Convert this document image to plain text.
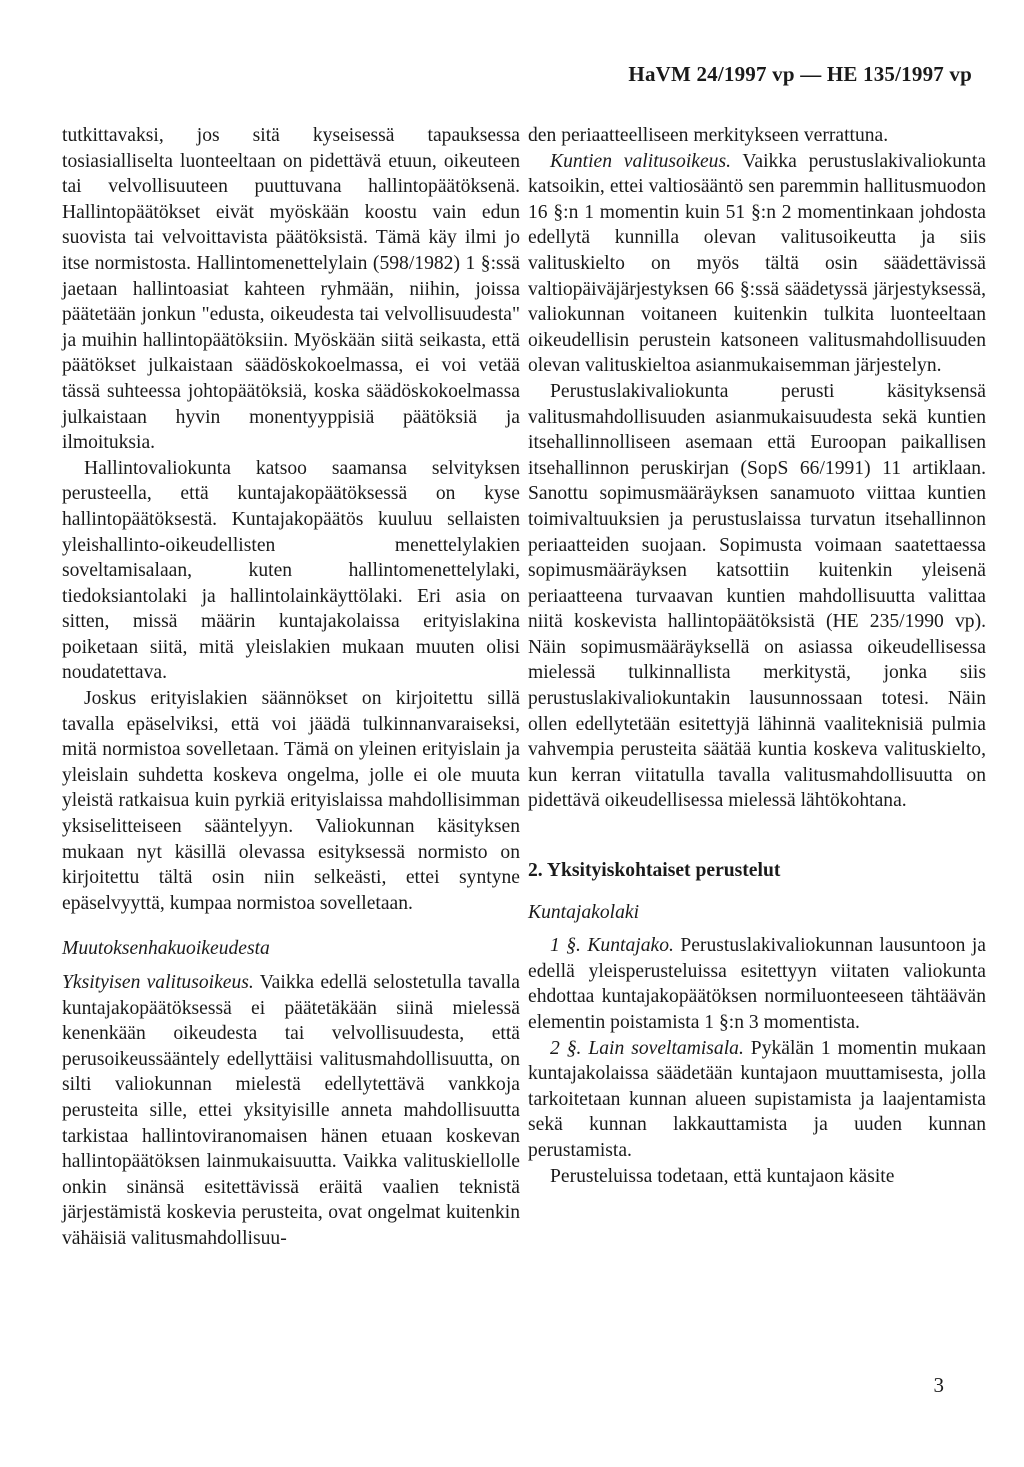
HaVM 24/1997 vp — HE 135/1997 vp

tutkittavaksi, jos sitä kyseisessä tapauksessa tosiasialliselta luonteeltaan on pidettävä etuun, oikeuteen tai velvollisuuteen puuttuvana hallintopäätöksenä. Hallintopäätökset eivät myöskään koostu vain edun suovista tai velvoittavista päätöksistä. Tämä käy ilmi jo itse normistosta. Hallintomenettelylain (598/1982) 1 §:ssä jaetaan hallintoasiat kahteen ryhmään, niihin, joissa päätetään jonkun "edusta, oikeudesta tai velvollisuudesta" ja muihin hallintopäätöksiin. Myöskään siitä seikasta, että päätökset julkaistaan säädöskokoelmassa, ei voi vetää tässä suhteessa johtopäätöksiä, koska säädöskokoelmassa julkaistaan hyvin monentyyppisiä päätöksiä ja ilmoituksia.

Hallintovaliokunta katsoo saamansa selvityksen perusteella, että kuntajakopäätöksessä on kyse hallintopäätöksestä. Kuntajakopäätös kuuluu sellaisten yleishallinto-oikeudellisten menettelylakien soveltamisalaan, kuten hallintomenettelylaki, tiedoksiantolaki ja hallintolainkäyttölaki. Eri asia on sitten, missä määrin kuntajakolaissa erityislakina poiketaan siitä, mitä yleislakien mukaan muuten olisi noudatettava.

Joskus erityislakien säännökset on kirjoitettu sillä tavalla epäselviksi, että voi jäädä tulkinnanvaraiseksi, mitä normistoa sovelletaan. Tämä on yleinen erityislain ja yleislain suhdetta koskeva ongelma, jolle ei ole muuta yleistä ratkaisua kuin pyrkiä erityislaissa mahdollisimman yksiselitteiseen sääntelyyn. Valiokunnan käsityksen mukaan nyt käsillä olevassa esityksessä normisto on kirjoitettu tältä osin niin selkeästi, ettei syntyne epäselvyyttä, kumpaa normistoa sovelletaan.

Muutoksenhakuoikeudesta

Yksityisen valitusoikeus. Vaikka edellä selostetulla tavalla kuntajakopäätöksessä ei päätetäkään siinä mielessä kenenkään oikeudesta tai velvollisuudesta, että perusoikeussääntely edellyttäisi valitusmahdollisuutta, on silti valiokunnan mielestä edellytettävä vankkoja perusteita sille, ettei yksityisille anneta mahdollisuutta tarkistaa hallintoviranomaisen hänen etuaan koskevan hallintopäätöksen lainmukaisuutta. Vaikka valituskiellolle onkin sinänsä esitettävissä eräitä vaalien teknistä järjestämistä koskevia perusteita, ovat ongelmat kuitenkin vähäisiä valitusmahdollisuu-

den periaatteelliseen merkitykseen verrattuna.

Kuntien valitusoikeus. Vaikka perustuslakivaliokunta katsoikin, ettei valtiosääntö sen paremmin hallitusmuodon 16 §:n 1 momentin kuin 51 §:n 2 momentinkaan johdosta edellytä kunnilla olevan valitusoikeutta ja siis valituskielto on myös tältä osin säädettävissä valtiopäiväjärjestyksen 66 §:ssä säädetyssä järjestyksessä, valiokunnan voitaneen kuitenkin tulkita luonteeltaan oikeudellisin perustein katsoneen valitusmahdollisuuden olevan valituskieltoa asianmukaisemman järjestelyn.

Perustuslakivaliokunta perusti käsityksensä valitusmahdollisuuden asianmukaisuudesta sekä kuntien itsehallinnolliseen asemaan että Euroopan paikallisen itsehallinnon peruskirjan (SopS 66/1991) 11 artiklaan. Sanottu sopimusmääräyksen sanamuoto viittaa kuntien toimivaltuuksien ja perustuslaissa turvatun itsehallinnon periaatteiden suojaan. Sopimusta voimaan saatettaessa sopimusmääräyksen katsottiin kuitenkin yleisenä periaatteena turvaavan kuntien mahdollisuutta valittaa niitä koskevista hallintopäätöksistä (HE 235/1990 vp). Näin sopimusmääräyksellä on asiassa oikeudellisessa mielessä tulkinnallista merkitystä, jonka siis perustuslakivaliokuntakin lausunnossaan totesi. Näin ollen edellytetään esitettyjä lähinnä vaaliteknisiä pulmia vahvempia perusteita säätää kuntia koskeva valituskielto, kun kerran viitatulla tavalla valitusmahdollisuutta on pidettävä oikeudellisessa mielessä lähtökohtana.

2. Yksityiskohtaiset perustelut

Kuntajakolaki

1 §. Kuntajako. Perustuslakivaliokunnan lausuntoon ja edellä yleisperusteluissa esitettyyn viitaten valiokunta ehdottaa kuntajakopäätöksen normiluonteeseen tähtäävän elementin poistamista 1 §:n 3 momentista.

2 §. Lain soveltamisala. Pykälän 1 momentin mukaan kuntajakolaissa säädetään kuntajaon muuttamisesta, jolla tarkoitetaan kunnan alueen supistamista ja laajentamista sekä kunnan lakkauttamista ja uuden kunnan perustamista.

Perusteluissa todetaan, että kuntajaon käsite

3
